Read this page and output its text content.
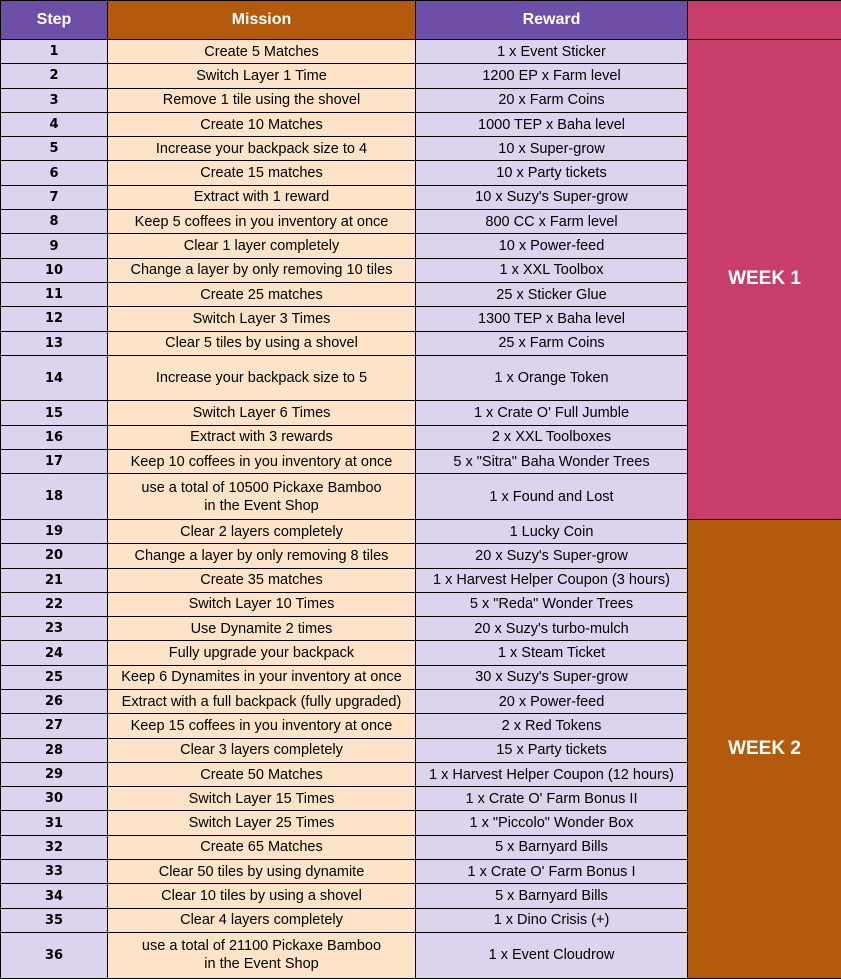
Step	Mission	Reward	
1	Create 5 Matches	1 x Event Sticker	WEEK 1
2	Switch Layer 1 Time	1200 EP x Farm level	
3	Remove 1 tile using the shovel	20 x Farm Coins	
4	Create 10 Matches	1000 TEP x Baha level	
5	Increase your backpack size to 4	10 x Super-grow	
6	Create 15 matches	10 x Party tickets	
7	Extract with 1 reward	10 x Suzy's Super-grow	
8	Keep 5 coffees in you inventory at once	800 CC x Farm level	
9	Clear 1 layer completely	10 x Power-feed	
10	Change a layer by only removing 10 tiles	1 x XXL Toolbox	
11	Create 25 matches	25 x Sticker Glue	
12	Switch Layer 3 Times	1300 TEP x Baha level	
13	Clear 5 tiles by using a shovel	25 x Farm Coins	
14	Increase your backpack size to 5	1 x Orange Token	
15	Switch Layer 6 Times	1 x Crate O' Full Jumble	
16	Extract with 3 rewards	2 x XXL Toolboxes	
17	Keep 10 coffees in you inventory at once	5 x "Sitra" Baha Wonder Trees	
18	use a total of 10500 Pickaxe Bamboo
in the Event Shop	1 x Found and Lost	
19	Clear 2 layers completely	1 Lucky Coin	WEEK 2
20	Change a layer by only removing 8 tiles	20 x Suzy's Super-grow	
21	Create 35 matches	1 x Harvest Helper Coupon (3 hours)	
22	Switch Layer 10 Times	5 x "Reda" Wonder Trees	
23	Use Dynamite 2 times	20 x Suzy's turbo-mulch	
24	Fully upgrade your backpack	1 x Steam Ticket	
25	Keep 6 Dynamites in your inventory at once	30 x Suzy's Super-grow	
26	Extract with a full backpack (fully upgraded)	20 x Power-feed	
27	Keep 15 coffees in you inventory at once	2 x Red Tokens	
28	Clear 3 layers completely	15 x Party tickets	
29	Create 50 Matches	1 x Harvest Helper Coupon (12 hours)	
30	Switch Layer 15 Times	1 x Crate O' Farm Bonus II	
31	Switch Layer 25 Times	1 x "Piccolo" Wonder Box	
32	Create 65 Matches	5 x Barnyard Bills	
33	Clear 50 tiles by using dynamite	1 x Crate O' Farm Bonus I	
34	Clear 10 tiles by using a shovel	5 x Barnyard Bills	
35	Clear 4 layers completely	1 x Dino Crisis (+)	
36	use a total of 21100 Pickaxe Bamboo
in the Event Shop	1 x Event Cloudrow	
